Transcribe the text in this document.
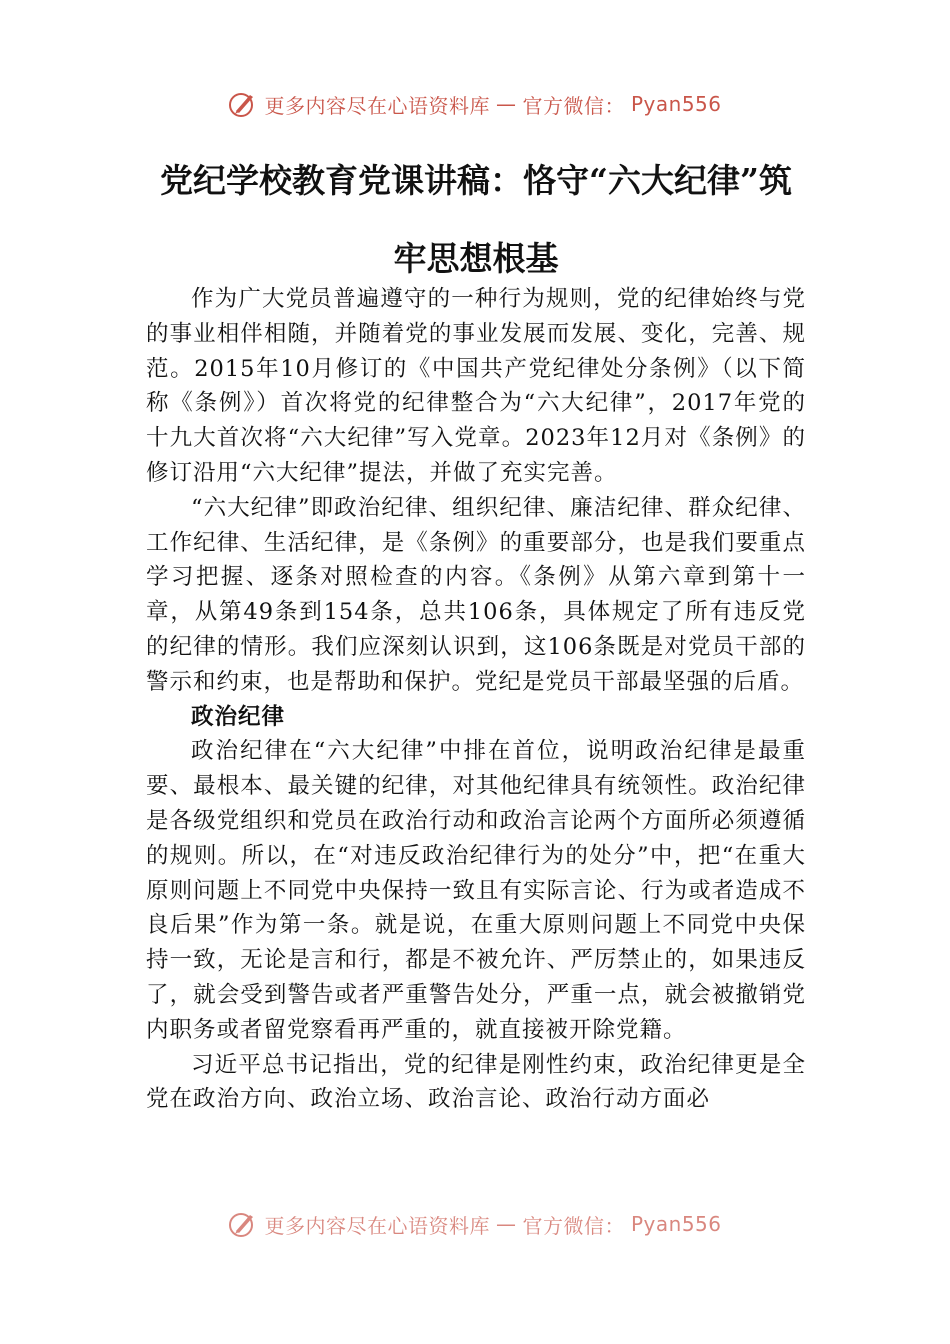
更多内容尽在心语资料库 — 官方微信： Pyan556
党纪学校教育党课讲稿：恪守“六大纪律”筑牢思想根基

作为广大党员普遍遵守的一种行为规则，党的纪律始终与党的事业相伴相随，并随着党的事业发展而发展、变化，完善、规范。2015年10月修订的《中国共产党纪律处分条例》（以下简称《条例》）首次将党的纪律整合为“六大纪律”，2017年党的十九大首次将“六大纪律”写入党章。2023年12月对《条例》的修订沿用“六大纪律”提法，并做了充实完善。

“六大纪律”即政治纪律、组织纪律、廉洁纪律、群众纪律、工作纪律、生活纪律，是《条例》的重要部分，也是我们要重点学习把握、逐条对照检查的内容。《条例》从第六章到第十一章，从第49条到154条，总共106条，具体规定了所有违反党的纪律的情形。我们应深刻认识到，这106条既是对党员干部的警示和约束，也是帮助和保护。党纪是党员干部最坚强的后盾。

政治纪律

政治纪律在“六大纪律”中排在首位，说明政治纪律是最重要、最根本、最关键的纪律，对其他纪律具有统领性。政治纪律是各级党组织和党员在政治行动和政治言论两个方面所必须遵循的规则。所以，在“对违反政治纪律行为的处分”中，把“在重大原则问题上不同党中央保持一致且有实际言论、行为或者造成不良后果”作为第一条。就是说，在重大原则问题上不同党中央保持一致，无论是言和行，都是不被允许、严厉禁止的，如果违反了，就会受到警告或者严重警告处分，严重一点，就会被撤销党内职务或者留党察看再严重的，就直接被开除党籍。

习近平总书记指出，党的纪律是刚性约束，政治纪律更是全党在政治方向、政治立场、政治言论、政治行动方面必

更多内容尽在心语资料库 — 官方微信： Pyan556
